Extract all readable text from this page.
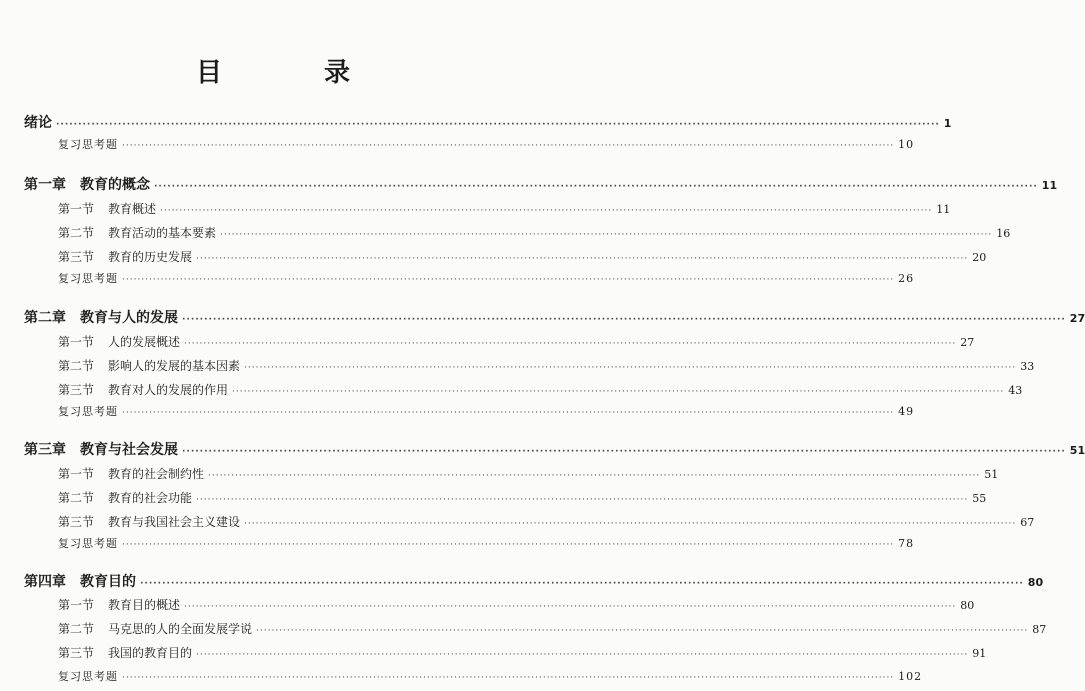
目　录
绪论 ········································································································································································································ 1
复习思考题 ········································································································································································································ 10
第一章 教育的概念 ········································································································································································································ 11
第一节 教育概述 ········································································································································································································ 11
第二节 教育活动的基本要素 ········································································································································································································ 16
第三节 教育的历史发展 ········································································································································································································ 20
复习思考题 ········································································································································································································ 26
第二章 教育与人的发展 ········································································································································································································ 27
第一节 人的发展概述 ········································································································································································································ 27
第二节 影响人的发展的基本因素 ········································································································································································································ 33
第三节 教育对人的发展的作用 ········································································································································································································ 43
复习思考题 ········································································································································································································ 49
第三章 教育与社会发展 ········································································································································································································ 51
第一节 教育的社会制约性 ········································································································································································································ 51
第二节 教育的社会功能 ········································································································································································································ 55
第三节 教育与我国社会主义建设 ········································································································································································································ 67
复习思考题 ········································································································································································································ 78
第四章 教育目的 ········································································································································································································ 80
第一节 教育目的概述 ········································································································································································································ 80
第二节 马克思的人的全面发展学说 ········································································································································································································ 87
第三节 我国的教育目的 ········································································································································································································ 91
复习思考题 ········································································································································································································ 102
